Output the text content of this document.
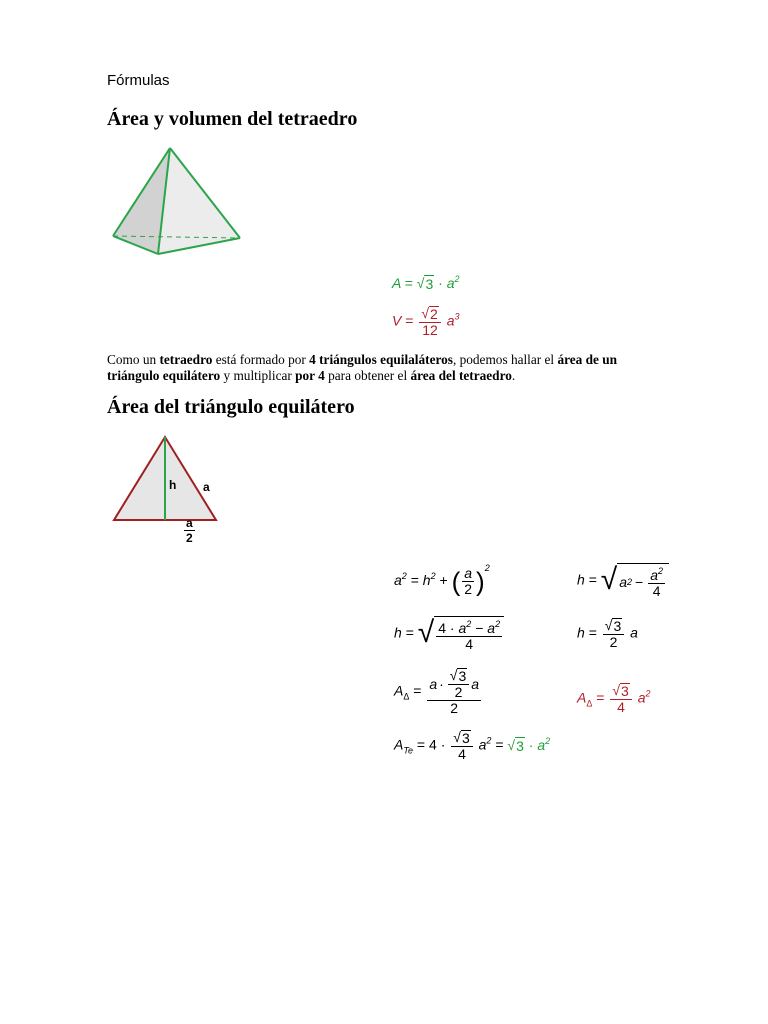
Fórmulas
Área y volumen del tetraedro
A = √ $3 \cdot a^2$
$V = \frac{√ 2}{12} a^3$
Como un tetraedro está formado por 4 triángulos equilaláteros, podemos hallar el área de un triángulo equilátero y multiplicar por 4 para obtener el área del tetraedro.
Área del triángulo equilátero
h a
a
2
$a^2 = h^2$ + ( $\frac{a}{2} )^2$
h = √ a $2 - \frac{a^2}{4}$
h = √ $\frac{4 \cdot a^2 - a^2}{4}$	$h = \frac{√ 3}{2}$ a
$A_\Delta = \frac{a \cdot \frac{√ 3}{2} a}{2}$	$A_\Delta = \frac{√ 3}{4} a^2$
$A_{Te} = 4 \cdot \frac{√ 3}{4} a^2$ = √ $3 \cdot a^2$
